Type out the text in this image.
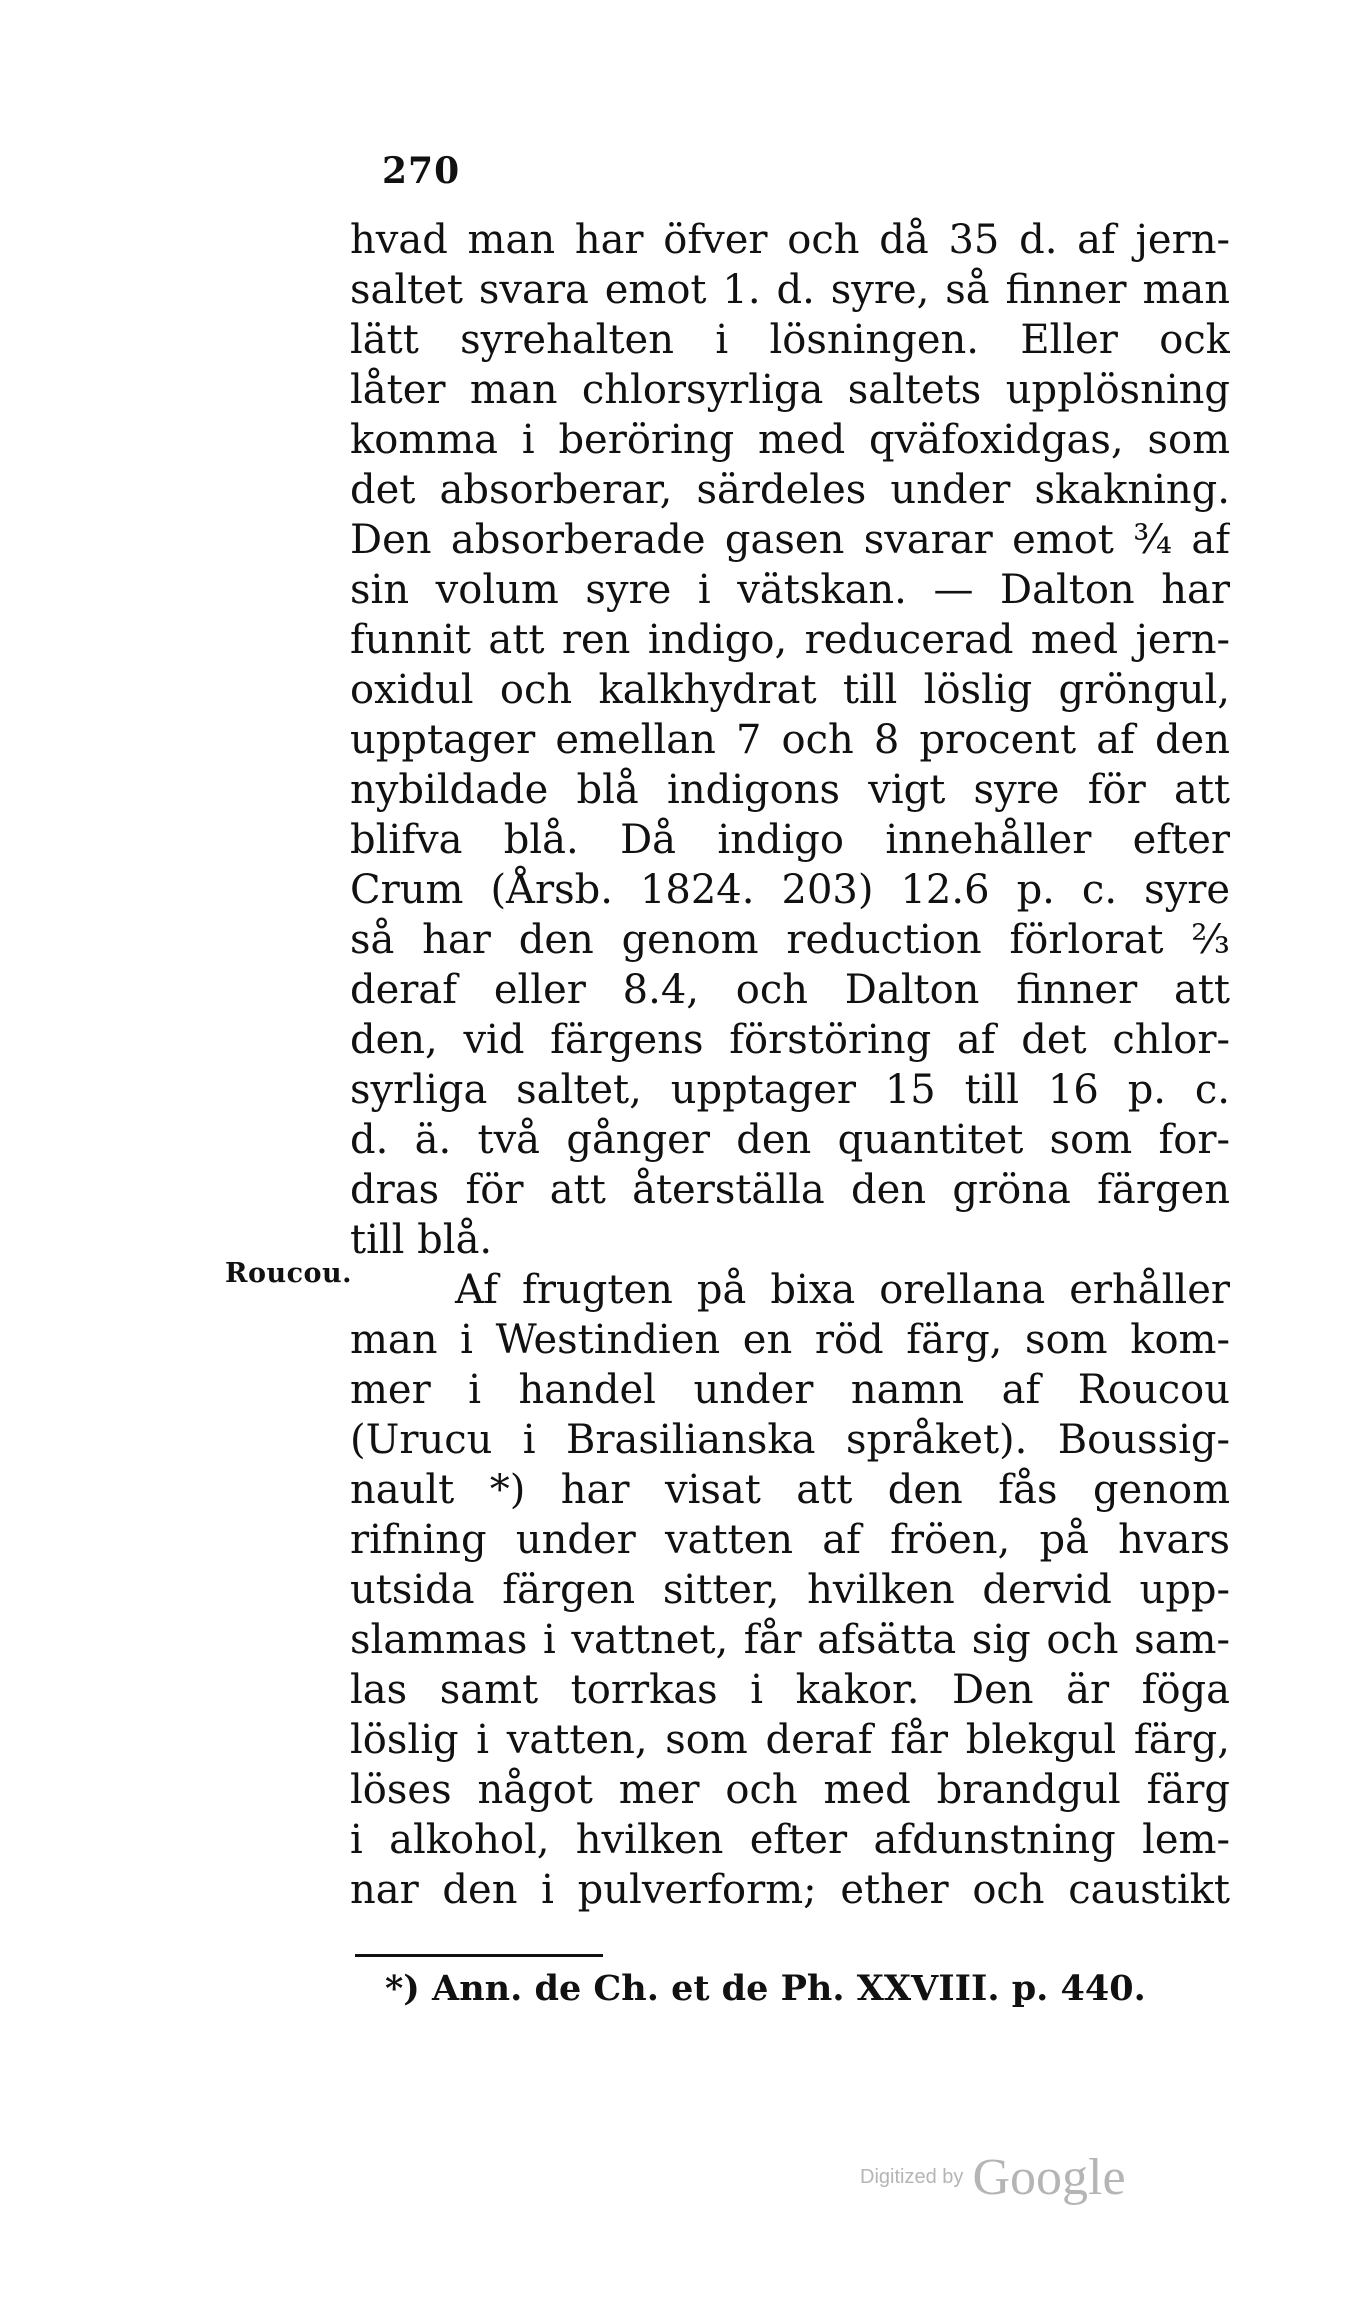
270
hvad man har öfver och då 35 d. af jern-
saltet svara emot 1. d. syre, så finner man
lätt syrehalten i lösningen. Eller ock
låter man chlorsyrliga saltets upplösning
komma i beröring med qväfoxidgas, som
det absorberar, särdeles under skakning.
Den absorberade gasen svarar emot ¾ af
sin volum syre i vätskan. — Dalton har
funnit att ren indigo, reducerad med jern-
oxidul och kalkhydrat till löslig gröngul,
upptager emellan 7 och 8 procent af den
nybildade blå indigons vigt syre för att
blifva blå. Då indigo innehåller efter
Crum (Årsb. 1824. 203) 12.6 p. c. syre
så har den genom reduction förlorat ⅔
deraf eller 8.4, och Dalton finner att
den, vid färgens förstöring af det chlor-
syrliga saltet, upptager 15 till 16 p. c.
d. ä. två gånger den quantitet som for-
dras för att återställa den gröna färgen
till blå.
Af frugten på bixa orellana erhåller
man i Westindien en röd färg, som kom-
mer i handel under namn af Roucou
(Urucu i Brasilianska språket). Boussig-
nault *) har visat att den fås genom
rifning under vatten af fröen, på hvars
utsida färgen sitter, hvilken dervid upp-
slammas i vattnet, får afsätta sig och sam-
las samt torrkas i kakor. Den är föga
löslig i vatten, som deraf får blekgul färg,
löses något mer och med brandgul färg
i alkohol, hvilken efter afdunstning lem-
nar den i pulverform; ether och caustikt
Roucou.
*) Ann. de Ch. et de Ph. XXVIII. p. 440.
Digitized by Google
